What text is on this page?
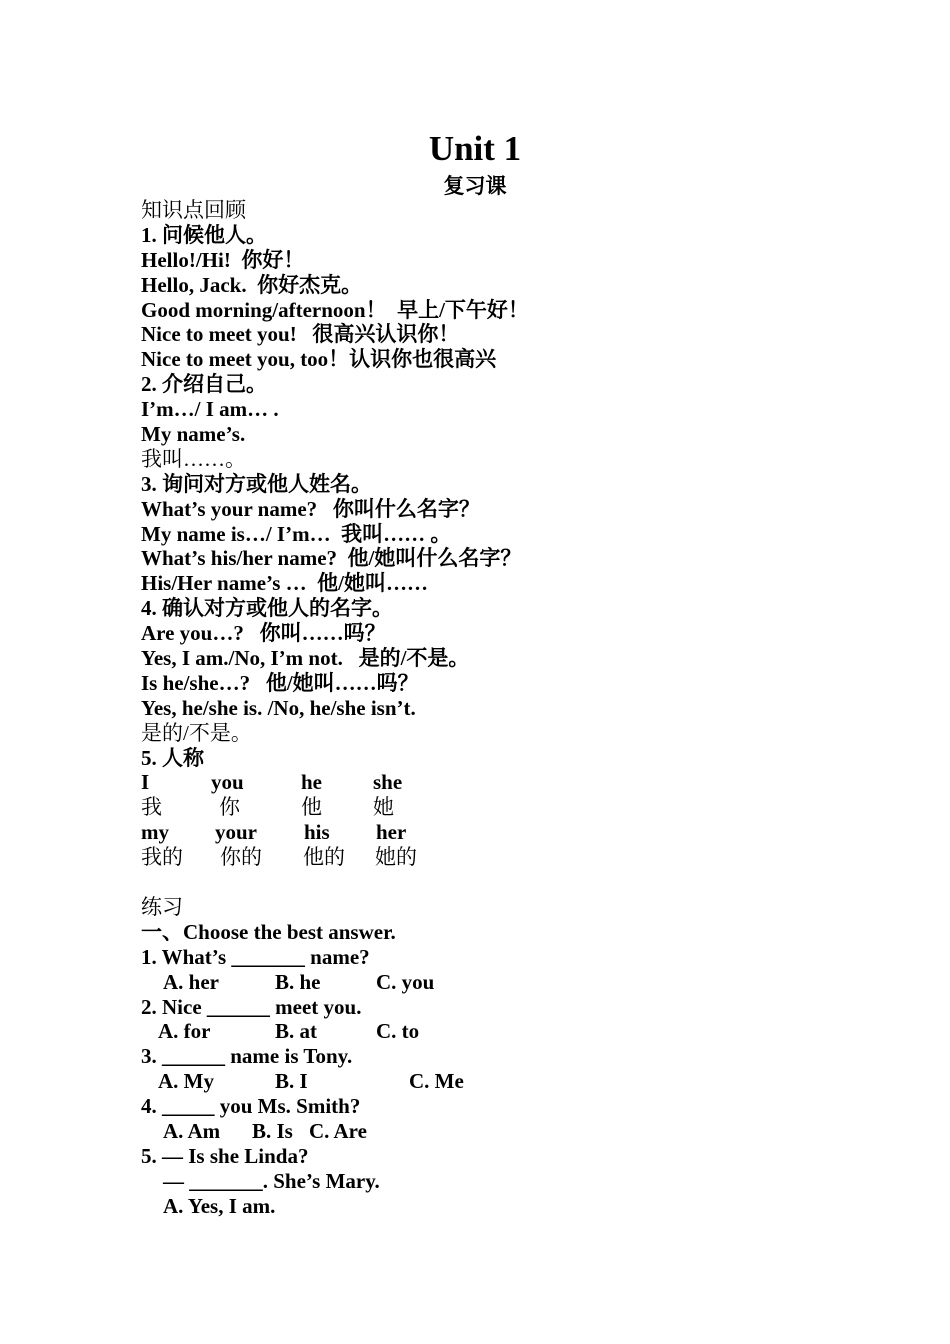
Unit 1
复习课
知识点回顾
1. 问候他人。
Hello!/Hi!  你好！
Hello, Jack.  你好杰克。
Good morning/afternoon！  早上/下午好！
Nice to meet you!   很高兴认识你！
Nice to meet you, too！认识你也很高兴
2. 介绍自己。
I’m…/ I am… .
My name’s.
我叫……。
3. 询问对方或他人姓名。
What’s your name?   你叫什么名字？
My name is…/ I’m…  我叫…… 。
What’s his/her name?  他/她叫什么名字？
His/Her name’s …  他/她叫……
4. 确认对方或他人的名字。
Are you…?   你叫……吗？
Yes, I am./No, I’m not.   是的/不是。
Is he/she…?   他/她叫……吗？
Yes, he/she is. /No, he/she isn’t.
是的/不是。
5. 人称
I	you	he	she
我	你	他	她
my	your	his	her
我的	你的	他的	她的
练习
一、Choose the best answer.
1. What’s _______ name?
A. her	B. he	C. you
2. Nice ______ meet you.
A. for	B. at	C. to
3. ______ name is Tony.
A. My	B. I	C. Me
4. _____ you Ms. Smith?
A. Am	B. Is C. Are
5. — Is she Linda?
— _______. She’s Mary.
A. Yes, I am.
